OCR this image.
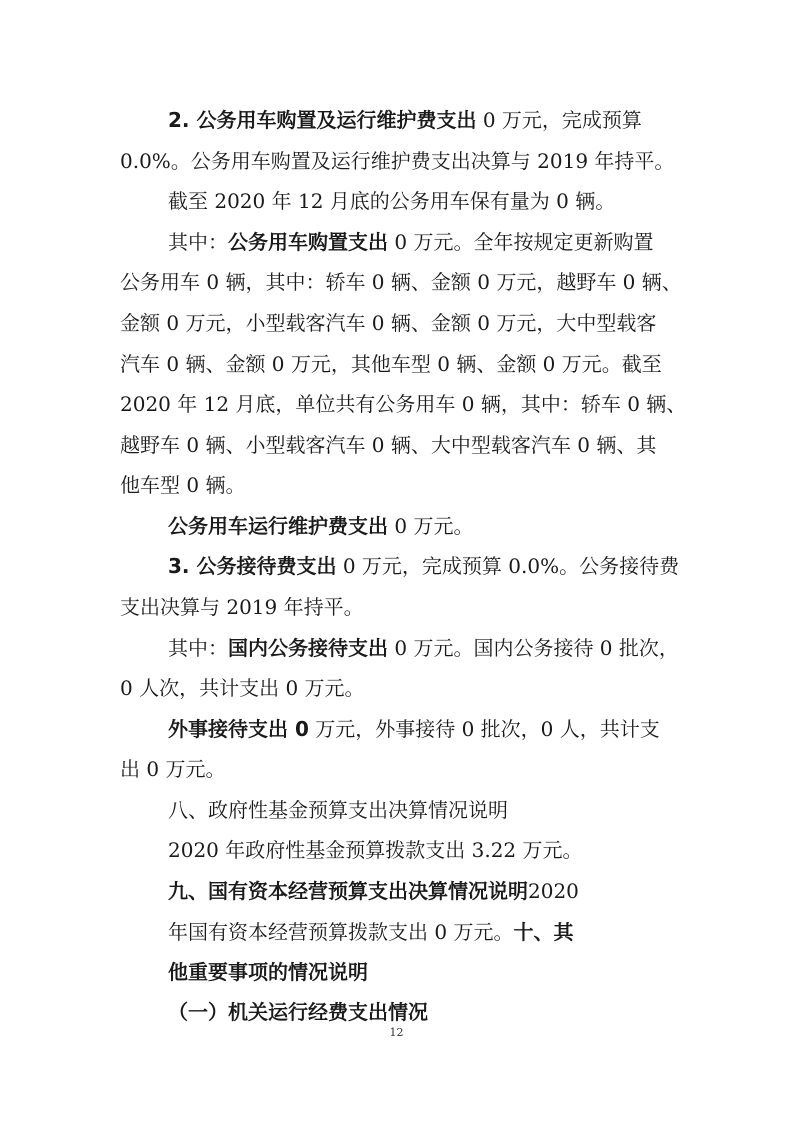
2. 公务用车购置及运行维护费支出 0 万元，完成预算
0.0%。公务用车购置及运行维护费支出决算与 2019 年持平。
截至 2020 年 12 月底的公务用车保有量为 0 辆。
其中：公务用车购置支出 0 万元。全年按规定更新购置
公务用车 0 辆，其中：轿车 0 辆、金额 0 万元，越野车 0 辆、
金额 0 万元，小型载客汽车 0 辆、金额 0 万元，大中型载客
汽车 0 辆、金额 0 万元，其他车型 0 辆、金额 0 万元。截至
2020 年 12 月底，单位共有公务用车 0 辆，其中：轿车 0 辆、
越野车 0 辆、小型载客汽车 0 辆、大中型载客汽车 0 辆、其
他车型 0 辆。
公务用车运行维护费支出 0 万元。
3. 公务接待费支出 0 万元，完成预算 0.0%。公务接待费
支出决算与 2019 年持平。
其中：国内公务接待支出 0 万元。国内公务接待 0 批次，
0 人次，共计支出 0 万元。
外事接待支出 0 万元，外事接待 0 批次，0 人，共计支
出 0 万元。
八、政府性基金预算支出决算情况说明
2020 年政府性基金预算拨款支出 3.22 万元。
九、国有资本经营预算支出决算情况说明2020
年国有资本经营预算拨款支出 0 万元。十、其
他重要事项的情况说明
（一）机关运行经费支出情况
12
